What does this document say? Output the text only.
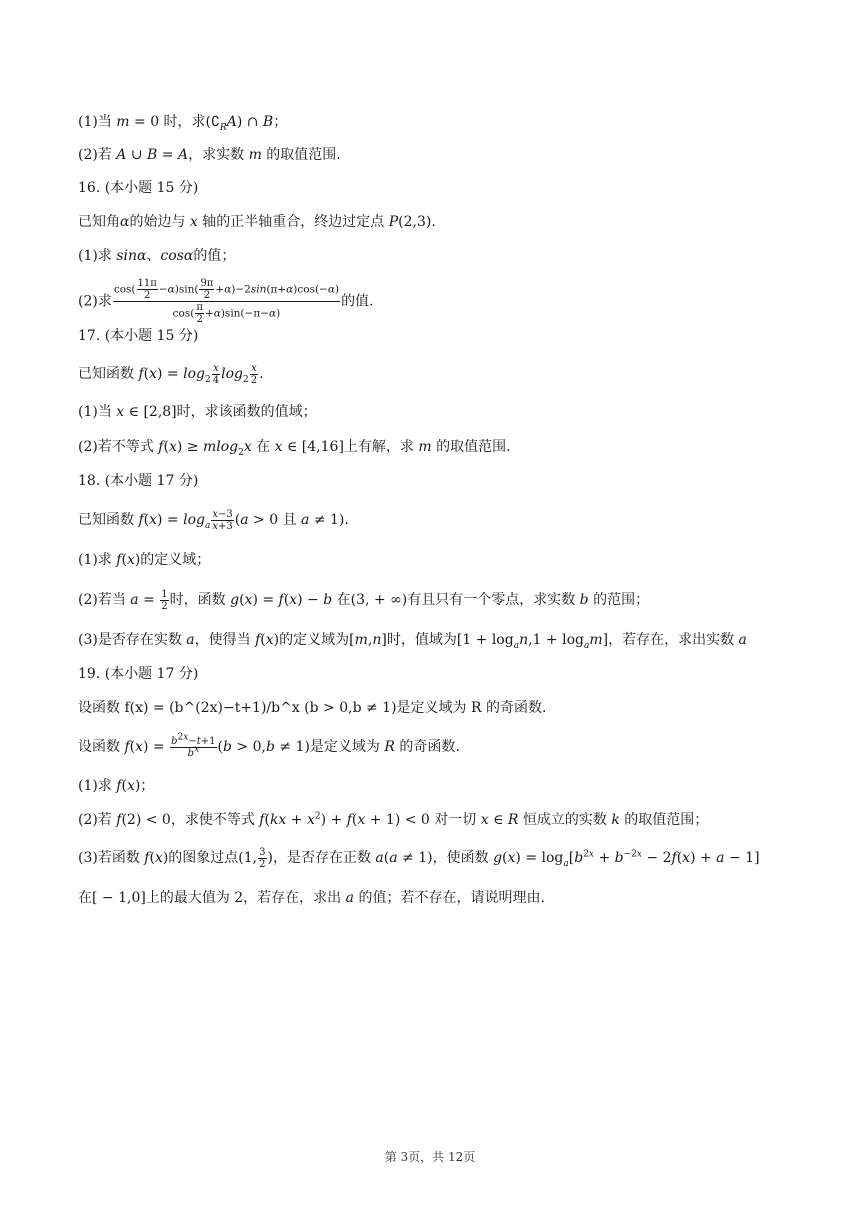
(1)当 m = 0 时，求$(∁_RA)$ ∩ B；
(2)若 A ∪ B = A，求实数 m 的取值范围.
16. (本小题 15 分)
已知角α的始边与 x 轴的正半轴重合，终边过定点 P(2,3).
(1)求 sinα、cosα的值；
(2)求 $\frac{\cos( \frac{11\pi}{2} -\alpha)\sin( \frac{9\pi}{2} +\alpha)-2\sin(\pi+\alpha)\cos(-\alpha)}{\cos( \frac{\pi}{2} +\alpha)\sin(-\pi-\alpha)}$ 的值.
17. (本小题 15 分)
已知函数 $f(x) = \log_2 \frac{x}{4} \log_2 \frac{x}{2}$ .
(1)当 x ∈ [2,8]时，求该函数的值域；
(2)若不等式 f(x) ≥ mlog$_2$x 在 x ∈ [4,16]上有解，求 m 的取值范围.
18. (本小题 17 分)
已知函数 $f(x) = \log_a \frac{x-3}{x+3} (a > 0$ 且 a ≠ 1).
(1)求 f(x)的定义域；
(2)若当 $a = \frac{1}{2}$ 时，函数 g(x) = f(x) − b 在(3, + ∞)有且只有一个零点，求实数 b 的范围；
(3)是否存在实数 a，使得当 f(x)的定义域为[m,n]时，值域为$[1 + \log_an,1 + \log_am]$，若存在，求出实数 a
19. (本小题 17 分)
设函数 f(x) = (b^(2x)−t+1)/b^x (b > 0,b ≠ 1)是定义域为 R 的奇函数.
设函数 $f(x) = \frac{b^{2x}-t+1}{b^x} (b > 0,b \ne 1)$是定义域为 R 的奇函数.
(1)求 f(x)；
(2)若 f(2) < 0，求使不等式 $f(kx + x^2) + f(x + 1) < 0$ 对一切 x ∈ R 恒成立的实数 k 的取值范围；
(3)若函数 f(x)的图象过点(1, $\frac{3}{2}$ )，是否存在正数 a(a ≠ 1)，使函数 $g(x) = \log_a[b^{2x} + b^{-2x} - 2f(x) + a - 1]$
在[ − 1,0]上的最大值为 2，若存在，求出 a 的值；若不存在，请说明理由.
第 3页，共 12页
